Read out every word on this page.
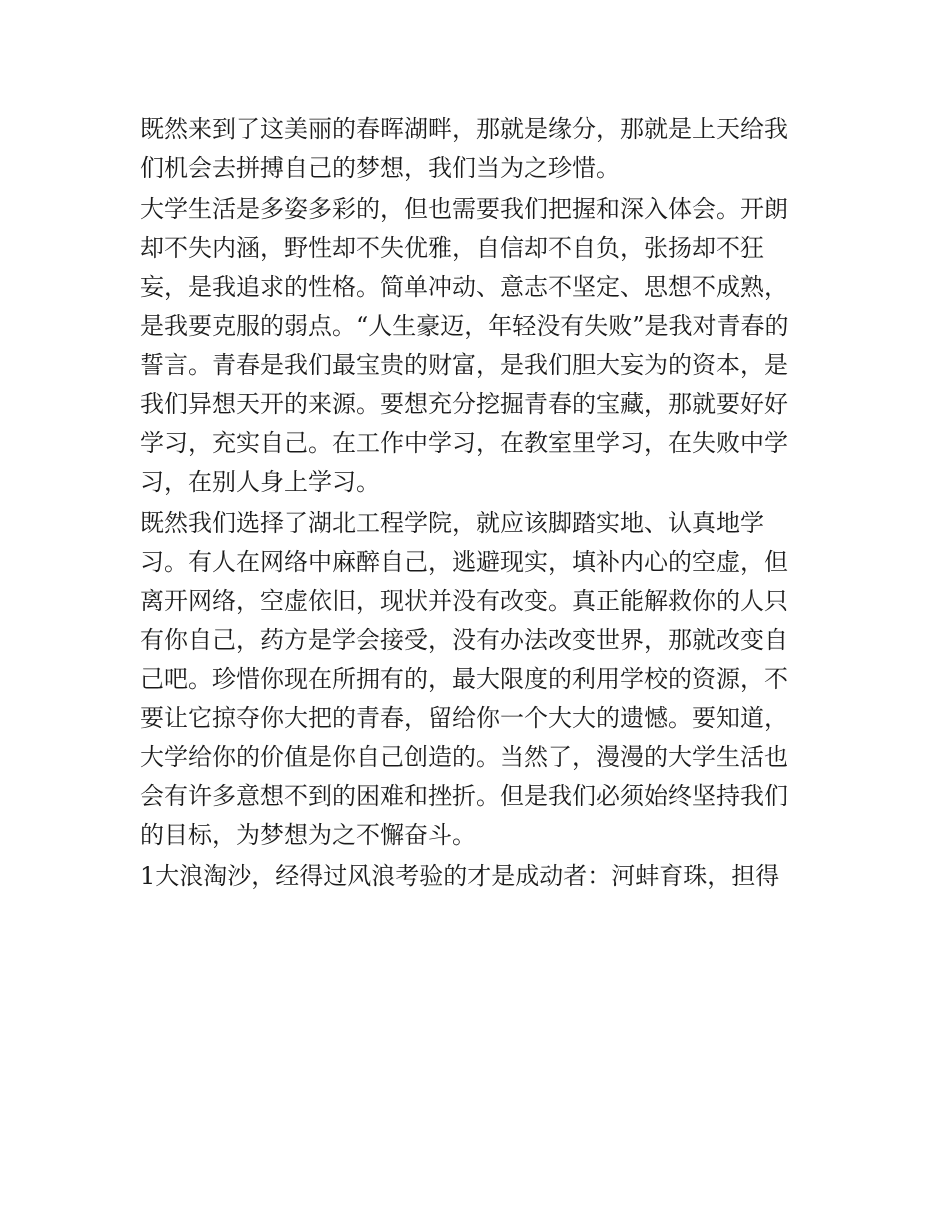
既然来到了这美丽的春晖湖畔，那就是缘分，那就是上天给我
们机会去拼搏自己的梦想，我们当为之珍惜。
大学生活是多姿多彩的，但也需要我们把握和深入体会。开朗
却不失内涵，野性却不失优雅，自信却不自负，张扬却不狂
妄，是我追求的性格。简单冲动、意志不坚定、思想不成熟，
是我要克服的弱点。“人生豪迈，年轻没有失败”是我对青春的
誓言。青春是我们最宝贵的财富，是我们胆大妄为的资本，是
我们异想天开的来源。要想充分挖掘青春的宝藏，那就要好好
学习，充实自己。在工作中学习，在教室里学习，在失败中学
习，在别人身上学习。
既然我们选择了湖北工程学院，就应该脚踏实地、认真地学
习。有人在网络中麻醉自己，逃避现实，填补内心的空虚，但
离开网络，空虚依旧，现状并没有改变。真正能解救你的人只
有你自己，药方是学会接受，没有办法改变世界，那就改变自
己吧。珍惜你现在所拥有的，最大限度的利用学校的资源，不
要让它掠夺你大把的青春，留给你一个大大的遗憾。要知道，
大学给你的价值是你自己创造的。当然了，漫漫的大学生活也
会有许多意想不到的困难和挫折。但是我们必须始终坚持我们
的目标，为梦想为之不懈奋斗。
1大浪淘沙，经得过风浪考验的才是成动者：河蚌育珠，担得
